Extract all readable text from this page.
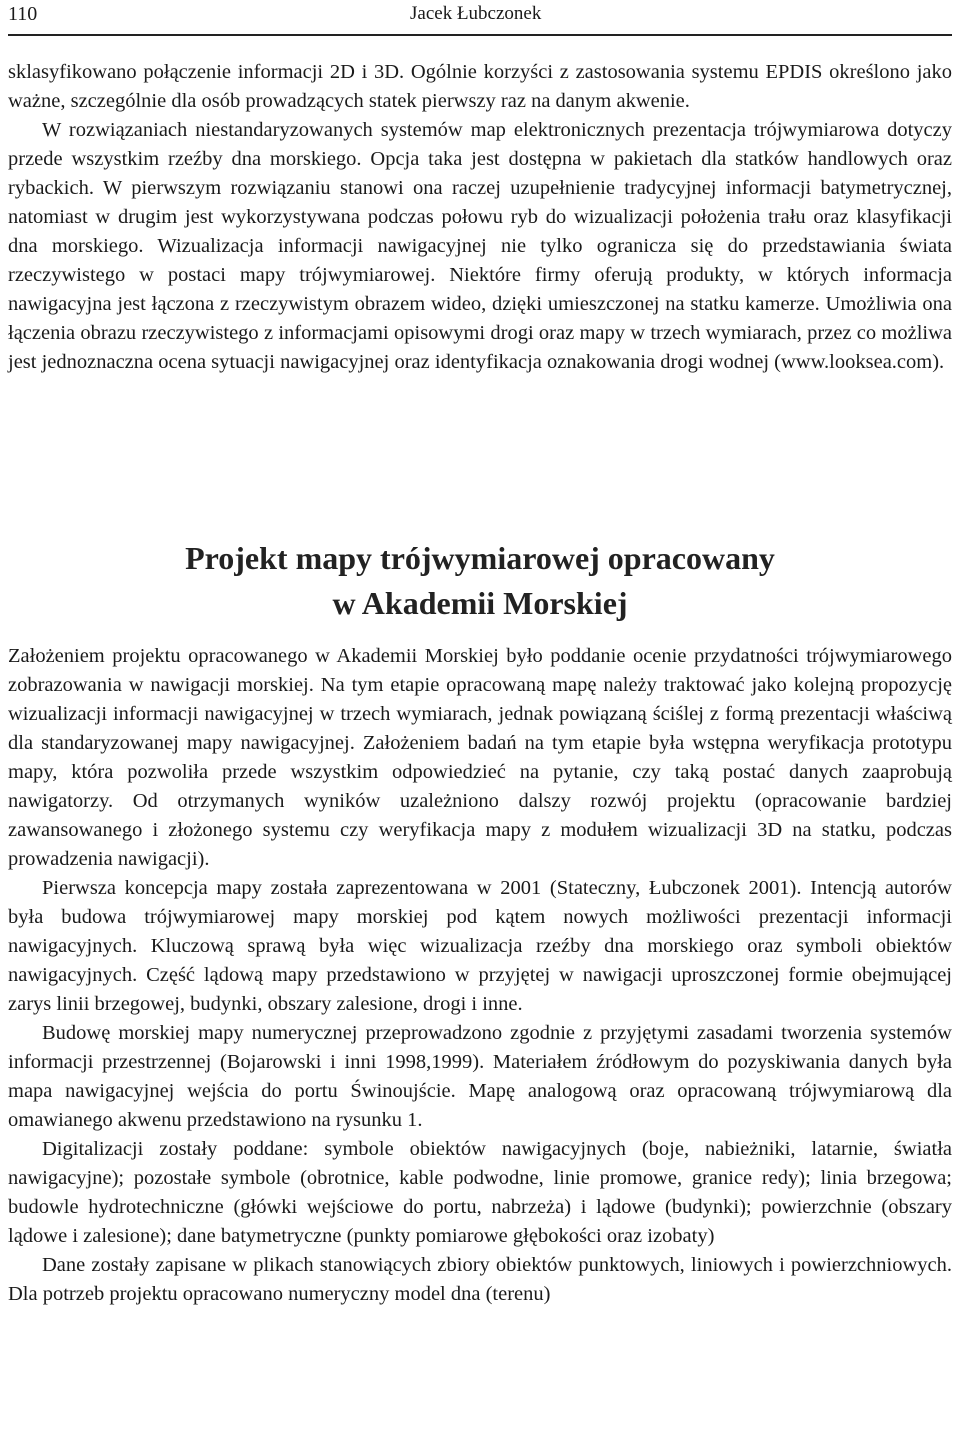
110	Jacek Łubczonek

sklasyfikowano połączenie informacji 2D i 3D. Ogólnie korzyści z zastosowania systemu EPDIS określono jako ważne, szczególnie dla osób prowadzących statek pierwszy raz na danym akwenie.

W rozwiązaniach niestandaryzowanych systemów map elektronicznych prezentacja trójwymiarowa dotyczy przede wszystkim rzeźby dna morskiego. Opcja taka jest dostępna w pakietach dla statków handlowych oraz rybackich. W pierwszym rozwiązaniu stanowi ona raczej uzupełnienie tradycyjnej informacji batymetrycznej, natomiast w drugim jest wykorzystywana podczas połowu ryb do wizualizacji położenia trału oraz klasyfikacji dna morskiego. Wizualizacja informacji nawigacyjnej nie tylko ogranicza się do przedstawiania świata rzeczywistego w postaci mapy trójwymiarowej. Niektóre firmy oferują produkty, w których informacja nawigacyjna jest łączona z rzeczywistym obrazem wideo, dzięki umieszczonej na statku kamerze. Umożliwia ona łączenia obrazu rzeczywistego z informacjami opisowymi drogi oraz mapy w trzech wymiarach, przez co możliwa jest jednoznaczna ocena sytuacji nawigacyjnej oraz identyfikacja oznakowania drogi wodnej (www.looksea.com).

Projekt mapy trójwymiarowej opracowany
w Akademii Morskiej

Założeniem projektu opracowanego w Akademii Morskiej było poddanie ocenie przydatności trójwymiarowego zobrazowania w nawigacji morskiej. Na tym etapie opracowaną mapę należy traktować jako kolejną propozycję wizualizacji informacji nawigacyjnej w trzech wymiarach, jednak powiązaną ściślej z formą prezentacji właściwą dla standaryzowanej mapy nawigacyjnej. Założeniem badań na tym etapie była wstępna weryfikacja prototypu mapy, która pozwoliła przede wszystkim odpowiedzieć na pytanie, czy taką postać danych zaaprobują nawigatorzy. Od otrzymanych wyników uzależniono dalszy rozwój projektu (opracowanie bardziej zawansowanego i złożonego systemu czy weryfikacja mapy z modułem wizualizacji 3D na statku, podczas prowadzenia nawigacji).

Pierwsza koncepcja mapy została zaprezentowana w 2001 (Stateczny, Łubczonek 2001). Intencją autorów była budowa trójwymiarowej mapy morskiej pod kątem nowych możliwości prezentacji informacji nawigacyjnych. Kluczową sprawą była więc wizualizacja rzeźby dna morskiego oraz symboli obiektów nawigacyjnych. Część lądową mapy przedstawiono w przyjętej w nawigacji uproszczonej formie obejmującej zarys linii brzegowej, budynki, obszary zalesione, drogi i inne.

Budowę morskiej mapy numerycznej przeprowadzono zgodnie z przyjętymi zasadami tworzenia systemów informacji przestrzennej (Bojarowski i inni 1998,1999). Materiałem źródłowym do pozyskiwania danych była mapa nawigacyjnej wejścia do portu Świnoujście. Mapę analogową oraz opracowaną trójwymiarową dla omawianego akwenu przedstawiono na rysunku 1.

Digitalizacji zostały poddane: symbole obiektów nawigacyjnych (boje, nabieżniki, latarnie, światła nawigacyjne); pozostałe symbole (obrotnice, kable podwodne, linie promowe, granice redy); linia brzegowa; budowle hydrotechniczne (główki wejściowe do portu, nabrzeża) i lądowe (budynki); powierzchnie (obszary lądowe i zalesione); dane batymetryczne (punkty pomiarowe głębokości oraz izobaty)

Dane zostały zapisane w plikach stanowiących zbiory obiektów punktowych, liniowych i powierzchniowych. Dla potrzeb projektu opracowano numeryczny model dna (terenu)
